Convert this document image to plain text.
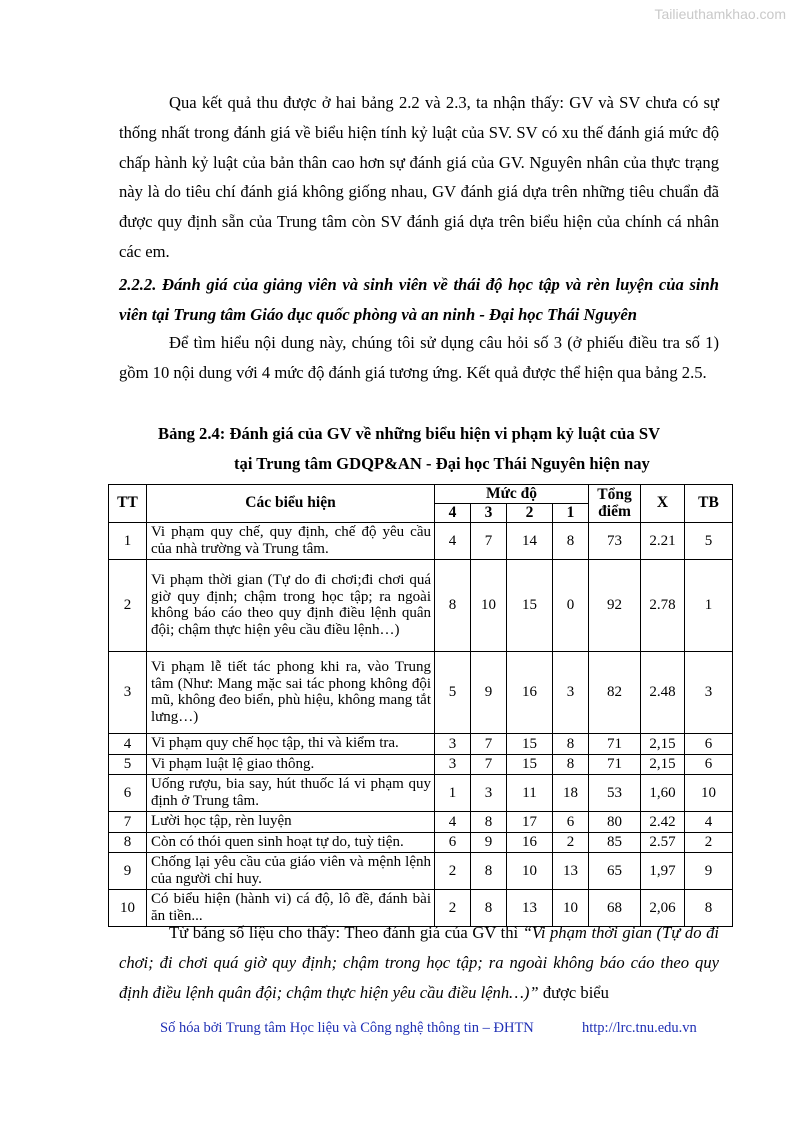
Tailieuthamkhao.com
Qua kết quả thu được ở hai bảng 2.2 và 2.3, ta nhận thấy: GV và SV chưa có sự thống nhất trong đánh giá về biểu hiện tính kỷ luật của SV. SV có xu thế đánh giá mức độ chấp hành kỷ luật của bản thân cao hơn sự đánh giá của GV. Nguyên nhân của thực trạng này là do tiêu chí đánh giá không giống nhau, GV đánh giá dựa trên những tiêu chuẩn đã được quy định sẵn của Trung tâm còn SV đánh giá dựa trên biểu hiện của chính cá nhân các em.
2.2.2. Đánh giá của giảng viên và sinh viên về thái độ học tập và rèn luyện của sinh viên tại Trung tâm Giáo dục quốc phòng và an ninh - Đại học Thái Nguyên
Để tìm hiểu nội dung này, chúng tôi sử dụng câu hỏi số 3 (ở phiếu điều tra số 1) gồm 10 nội dung với 4 mức độ đánh giá tương ứng. Kết quả được thể hiện qua bảng 2.5.
Bảng 2.4: Đánh giá của GV về những biểu hiện vi phạm kỷ luật của SV
tại Trung tâm GDQP&AN - Đại học Thái Nguyên hiện nay
TT	Các biểu hiện	Mức độ				Tổng điểm	X	TB
		4	3	2	1			
1	Vi phạm quy chế, quy định, chế độ yêu cầu của nhà trường và Trung tâm.	4	7	14	8	73	2.21	5
2	Vi phạm thời gian (Tự do đi chơi;đi chơi quá giờ quy định; chậm trong học tập; ra ngoài không báo cáo theo quy định điều lệnh quân đội; chậm thực hiện yêu cầu điều lệnh…)	8	10	15	0	92	2.78	1
3	Vi phạm lễ tiết tác phong khi ra, vào Trung tâm (Như: Mang mặc sai tác phong không đội mũ, không đeo biển, phù hiệu, không mang tắt lưng…)	5	9	16	3	82	2.48	3
4	Vi phạm quy chế học tập, thi và kiểm tra.	3	7	15	8	71	2,15	6
5	Vi phạm luật lệ giao thông.	3	7	15	8	71	2,15	6
6	Uống rượu, bia say, hút thuốc lá vi phạm quy định ở Trung tâm.	1	3	11	18	53	1,60	10
7	Lười học tập, rèn luyện	4	8	17	6	80	2.42	4
8	Còn có thói quen sinh hoạt tự do, tuỳ tiện.	6	9	16	2	85	2.57	2
9	Chống lại yêu cầu của giáo viên và mệnh lệnh của người chỉ huy.	2	8	10	13	65	1,97	9
10	Có biểu hiện (hành vi) cá độ, lô đề, đánh bài ăn tiền...	2	8	13	10	68	2,06	8
Từ bảng số liệu cho thấy: Theo đánh giá của GV thì “Vi phạm thời gian (Tự do đi chơi; đi chơi quá giờ quy định; chậm trong học tập; ra ngoài không báo cáo theo quy định điều lệnh quân đội; chậm thực hiện yêu cầu điều lệnh…)” được biểu
Số hóa bởi Trung tâm Học liệu và Công nghệ thông tin – ĐHTN	http://lrc.tnu.edu.vn
